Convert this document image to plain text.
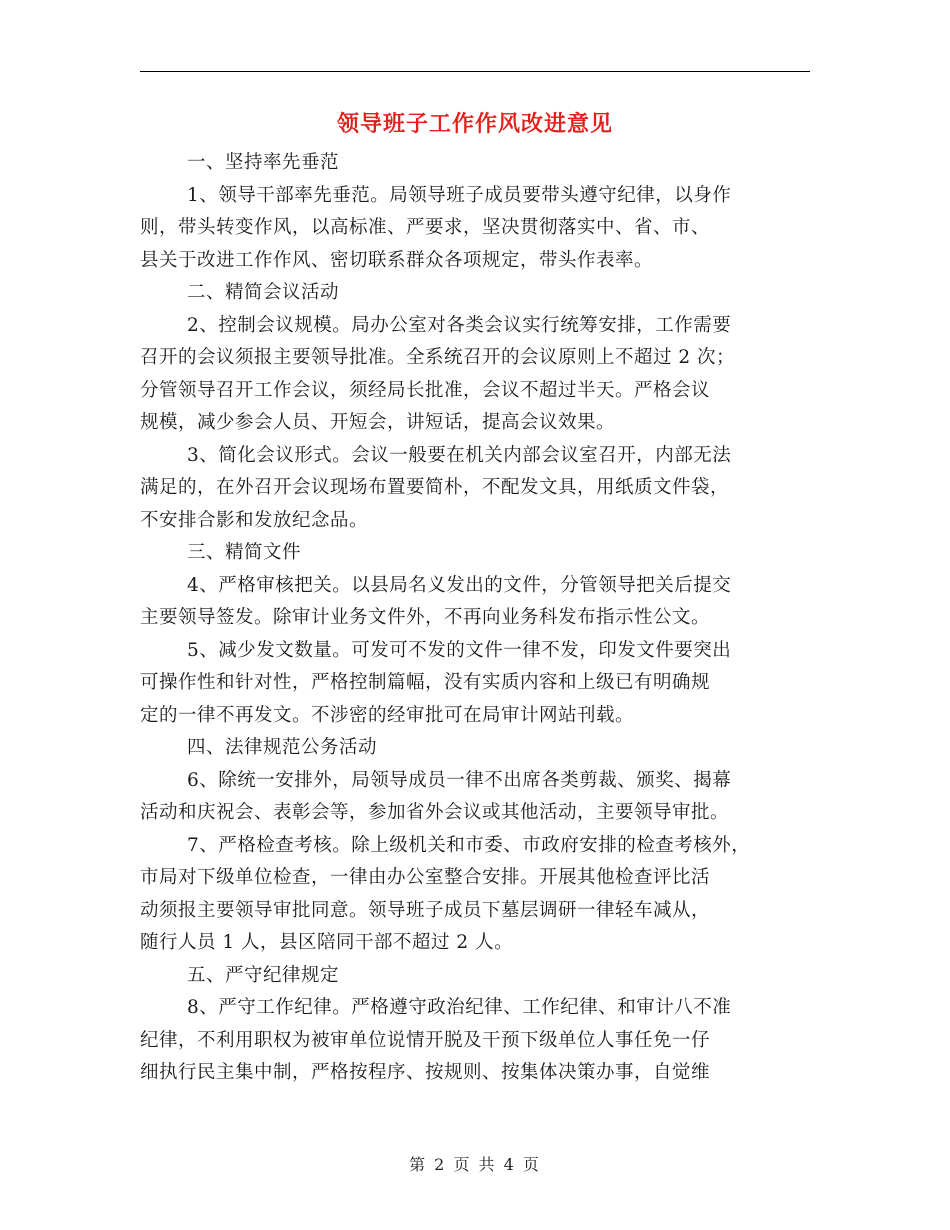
领导班子工作作风改进意见
一、坚持率先垂范
1、领导干部率先垂范。局领导班子成员要带头遵守纪律，以身作
则，带头转变作风，以高标准、严要求，坚决贯彻落实中、省、市、
县关于改进工作作风、密切联系群众各项规定，带头作表率。
二、精简会议活动
2、控制会议规模。局办公室对各类会议实行统筹安排，工作需要
召开的会议须报主要领导批准。全系统召开的会议原则上不超过 2 次；
分管领导召开工作会议，须经局长批准，会议不超过半天。严格会议
规模，减少参会人员、开短会，讲短话，提高会议效果。
3、简化会议形式。会议一般要在机关内部会议室召开，内部无法
满足的，在外召开会议现场布置要简朴，不配发文具，用纸质文件袋，
不安排合影和发放纪念品。
三、精简文件
4、严格审核把关。以县局名义发出的文件，分管领导把关后提交
主要领导签发。除审计业务文件外，不再向业务科发布指示性公文。
5、减少发文数量。可发可不发的文件一律不发，印发文件要突出
可操作性和针对性，严格控制篇幅，没有实质内容和上级已有明确规
定的一律不再发文。不涉密的经审批可在局审计网站刊载。
四、法律规范公务活动
6、除统一安排外，局领导成员一律不出席各类剪裁、颁奖、揭幕
活动和庆祝会、表彰会等，参加省外会议或其他活动，主要领导审批。
7、严格检查考核。除上级机关和市委、市政府安排的检查考核外，
市局对下级单位检查，一律由办公室整合安排。开展其他检查评比活
动须报主要领导审批同意。领导班子成员下墓层调研一律轻车减从，
随行人员 1 人，县区陪同干部不超过 2 人。
五、严守纪律规定
8、严守工作纪律。严格遵守政治纪律、工作纪律、和审计八不准
纪律，不利用职权为被审单位说情开脱及干预下级单位人事任免一仔
细执行民主集中制，严格按程序、按规则、按集体决策办事，自觉维
第 2 页 共 4 页
